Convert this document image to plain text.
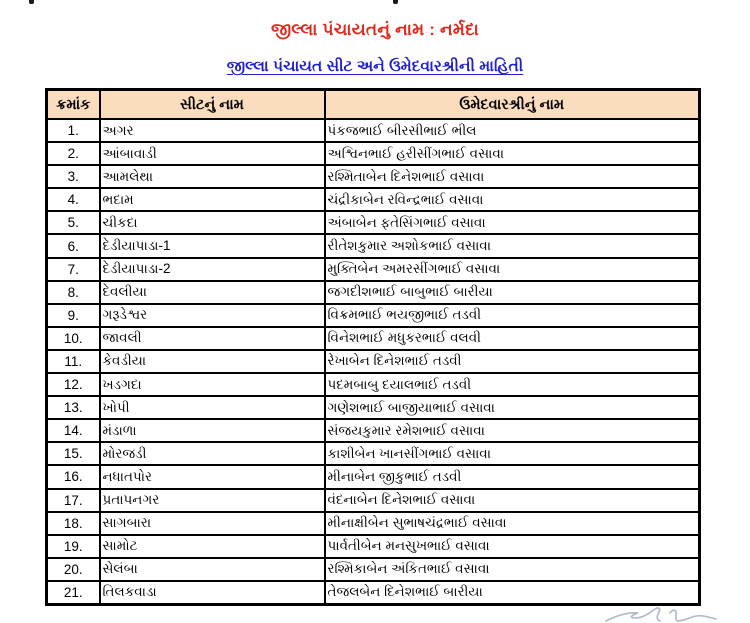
જીલ્લા પંચાયતનું નામ : નર્મદા
જીલ્લા પંચાયત સીટ અને ઉમેદવારશ્રીની માહિતી
ક્રમાંક	સીટનું નામ	ઉમેદવારશ્રીનું નામ
1.	અગર	પંકજભાઈ બીરસીભાઈ ભીલ
2.	આંબાવાડી	અશ્વિનભાઈ હરીસીંગભાઈ વસાવા
3.	આમલેથા	રશ્મિતાબેન દિનેશભાઈ વસાવા
4.	ભદામ	ચંદ્રીકાબેન રવિન્દ્રભાઈ વસાવા
5.	ચીકદા	અંબાબેન ફતેસિંગભાઈ વસાવા
6.	દેડીયાપાડા-1	રીતેશકુમાર અશોકભાઈ વસાવા
7.	દેડીયાપાડા-2	મુક્તિબેન અમરસીંગભાઈ વસાવા
8.	દેવલીયા	જગદીશભાઈ બાબુભાઈ બારીયા
9.	ગરૂડેશ્વર	વિક્રમભાઈ ભયજીભાઈ તડવી
10.	જાવલી	વિનેશભાઈ મધુકરભાઈ વલવી
11.	કેવડીયા	રેખાબેન દિનેશભાઈ તડવી
12.	ખડગદા	પદમબાબુ દયાલભાઈ તડવી
13.	ખોપી	ગણેશભાઈ બાજીયાભાઈ વસાવા
14.	મંડાળા	સંજયકુમાર રમેશભાઈ વસાવા
15.	મોરજડી	કાશીબેન ખાનસીંગભાઈ વસાવા
16.	નધાતપોર	મીનાબેન જીકુભાઈ તડવી
17.	પ્રતાપનગર	વંદનાબેન દિનેશભાઈ વસાવા
18.	સાગબારા	મીનાક્ષીબેન સુભાષચંદ્રભાઈ વસાવા
19.	સામોટ	પાર્વતીબેન મનસુખભાઈ વસાવા
20.	સેલંબા	રશ્મિકાબેન અંકિતભાઈ વસાવા
21.	તિલકવાડા	તેજલબેન દિનેશભાઈ બારીયા
